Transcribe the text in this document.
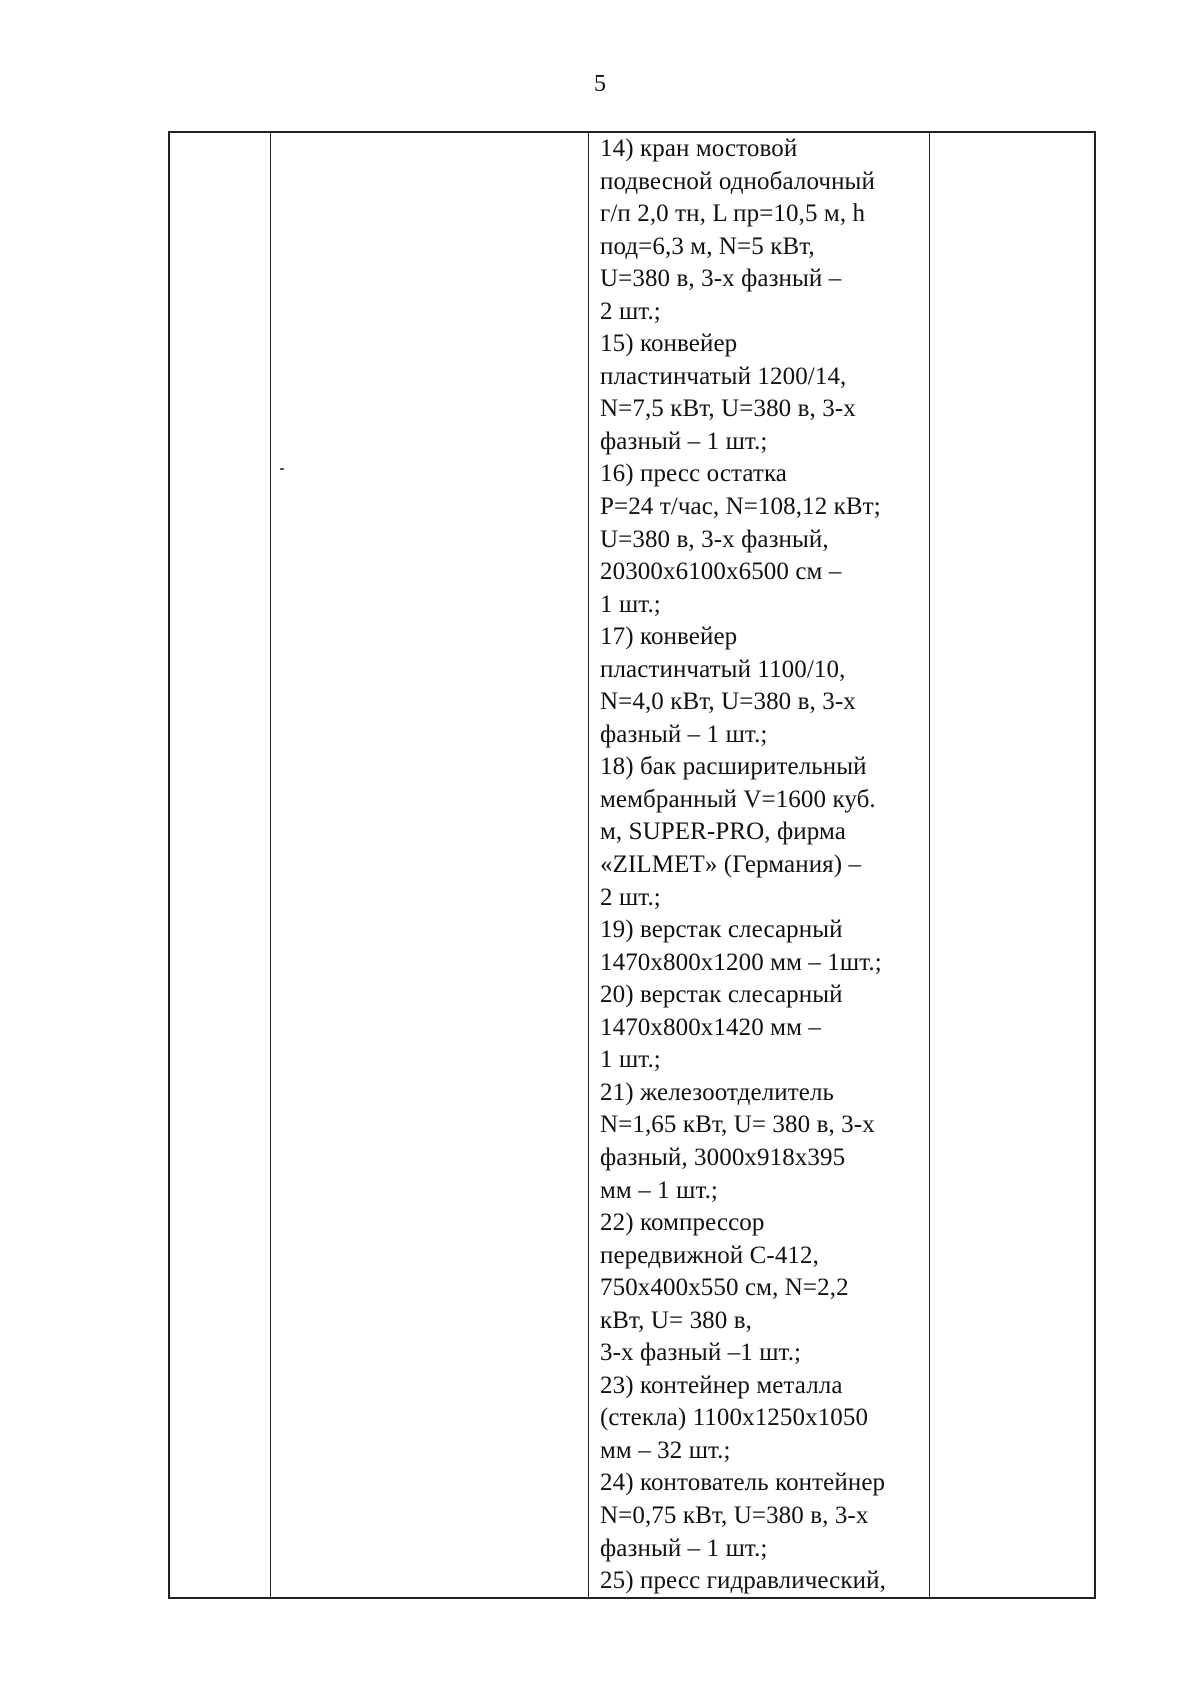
5
14) кран мостовой
подвесной однобалочный
г/п 2,0 тн, L пр=10,5 м, h
под=6,3 м, N=5 кВт,
U=380 в, 3-х фазный –
2 шт.;
15) конвейер
пластинчатый 1200/14,
N=7,5 кВт, U=380 в, 3-х
фазный – 1 шт.;
16) пресс остатка
Р=24 т/час, N=108,12 кВт;
U=380 в, 3-х фазный,
20300х6100х6500 см –
1 шт.;
17) конвейер
пластинчатый 1100/10,
N=4,0 кВт, U=380 в, 3-х
фазный – 1 шт.;
18) бак расширительный
мембранный V=1600 куб.
м, SUPER-PRO, фирма
«ZILMET» (Германия) –
2 шт.;
19) верстак слесарный
1470х800х1200 мм – 1шт.;
20) верстак слесарный
1470х800х1420 мм –
1 шт.;
21) железоотделитель
N=1,65 кВт, U= 380 в, 3-х
фазный, 3000х918х395
мм – 1 шт.;
22) компрессор
передвижной С-412,
750х400х550 см, N=2,2
кВт, U= 380 в,
3-х фазный –1 шт.;
23) контейнер металла
(стекла) 1100х1250х1050
мм – 32 шт.;
24) контователь контейнер
N=0,75 кВт, U=380 в, 3-х
фазный – 1 шт.;
25) пресс гидравлический,
